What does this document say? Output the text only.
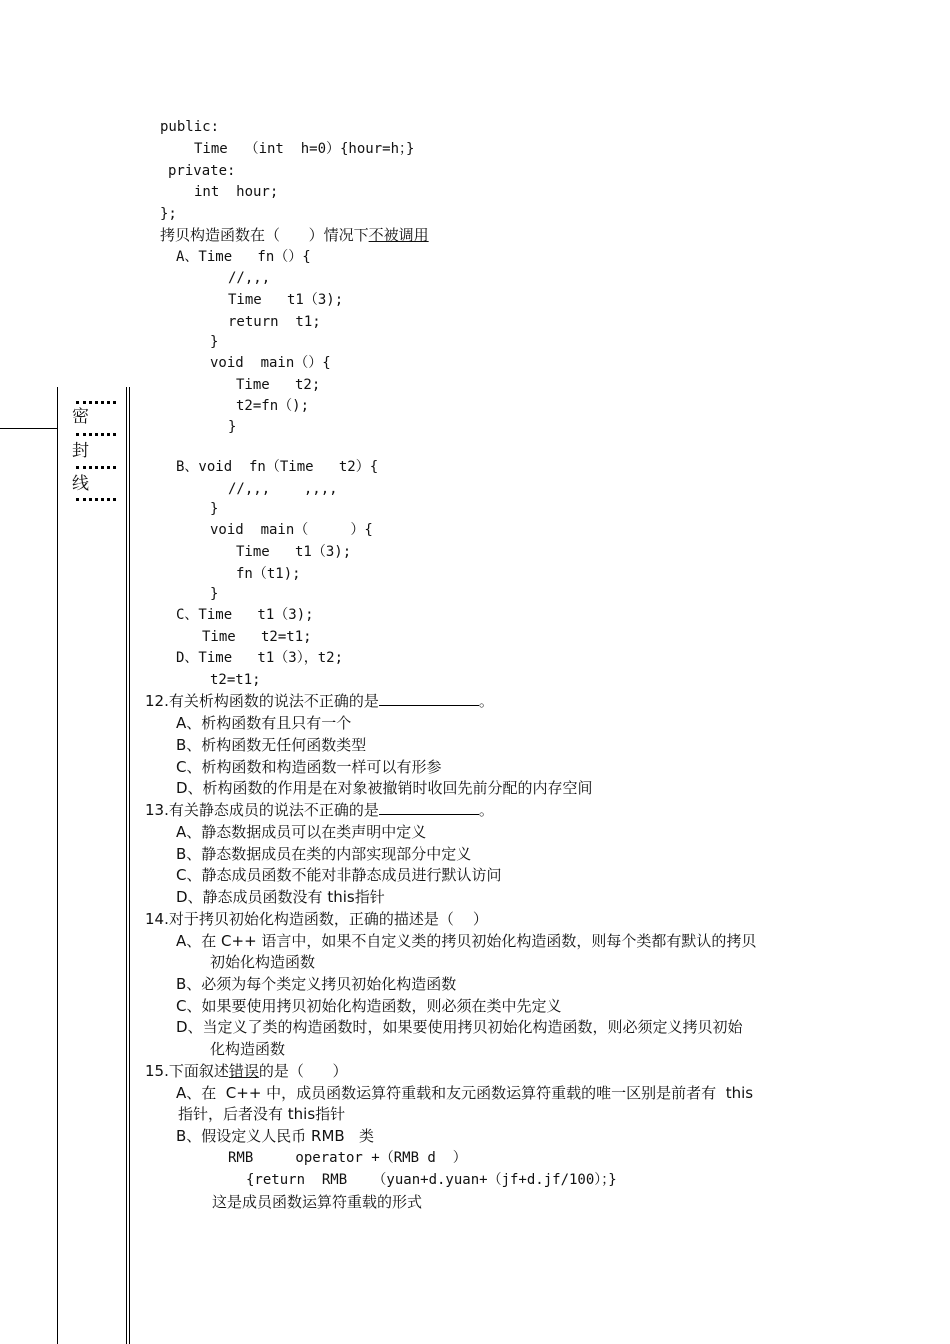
密
封
线
public:
Time  （int  h=0）{hour=h；}
private:
int  hour;
};
拷贝构造函数在（      ）情况下不被调用
A、Time   fn（）{
//,,,
Time   t1（3);
return  t1;
}
void  main（）{
Time   t2;
t2=fn（);
}
B、void  fn（Time   t2）{
//,,,    ,,,,
}
void  main（     ）{
Time   t1（3);
fn（t1);
}
C、Time   t1（3);
Time   t2=t1;
D、Time   t1（3），t2;
t2=t1;
12.有关析构函数的说法不正确的是	。
A、析构函数有且只有一个
B、析构函数无任何函数类型
C、析构函数和构造函数一样可以有形参
D、析构函数的作用是在对象被撤销时收回先前分配的内存空间
13.有关静态成员的说法不正确的是	。
A、静态数据成员可以在类声明中定义
B、静态数据成员在类的内部实现部分中定义
C、静态成员函数不能对非静态成员进行默认访问
D、静态成员函数没有 this指针
14.对于拷贝初始化构造函数，正确的描述是（    ）
A、在 C++ 语言中，如果不自定义类的拷贝初始化构造函数，则每个类都有默认的拷贝
初始化构造函数
B、必须为每个类定义拷贝初始化构造函数
C、如果要使用拷贝初始化构造函数，则必须在类中先定义
D、当定义了类的构造函数时，如果要使用拷贝初始化构造函数，则必须定义拷贝初始
化构造函数
15.下面叙述错误的是（      ）
A、在  C++ 中，成员函数运算符重载和友元函数运算符重载的唯一区别是前者有  this
指针，后者没有 this指针
B、假设定义人民币 RMB   类
RMB     operator +（RMB d  ）
{return  RMB   （yuan+d.yuan+（jf+d.jf/100）；}
这是成员函数运算符重载的形式
